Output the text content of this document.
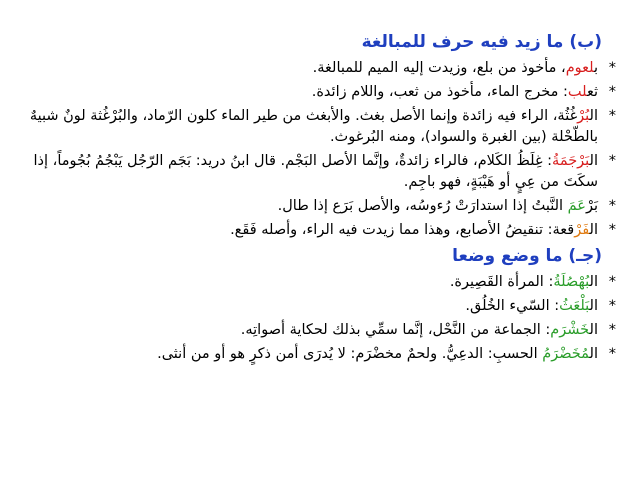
(ب) ما زيد فيه حرف للمبالغة
*
بلعوم، مأخوذ من بلع، وزيدت إليه الميم للمبالغة.
*
ثعلب: مخرج الماء، مأخوذ من ثعب، واللام زائدة.
*
البُرْغُثُة، الراء فيه زائدة وإنما الأصل بغث. والأبغث من طير الماء كلون الرّماد، والبُرْغُثة لونٌ شبيهٌ بالطّحْلة (بين الغبرة والسواد)، ومنه البُرغوث.
*
البَرْجَمَةُ: غِلَظُ الكَلام، فالراء زائدةٌ، وإنَّما الأصل البَجْم. قال ابنُ دريد: بَجَم الرّجُل يَبْجُمُ بُجُوماً، إذا سكَتَ من عِيٍ أو هَيْبَةٍ، فهو باجِم.
*
بَرْعَمَ النَّبتُ إذا استدارَتْ رُءوسُه، والأصل بَرَع إذا طال.
*
الفَرْقعة: تنقيضُ الأصابع، وهذا مما زيدت فيه الراء، وأصله فَقَع.
(جـ) ما وضع وضعا
*
البُهْصُلَةُ: المرأة القَصِيرة.
*
البَلْعَثُ: السّيء الخُلُق.
*
الخَشْرَم: الجماعة من النَّحْل، إنَّما سمِّي بذلك لحكاية أصواتِه.
*
المُخَضْرَمُ الحسبِ: الدعِيُّ. ولحمٌ مخضْرَم: لا يُدرَى أمن ذكرٍ هو أو من أنثى.
